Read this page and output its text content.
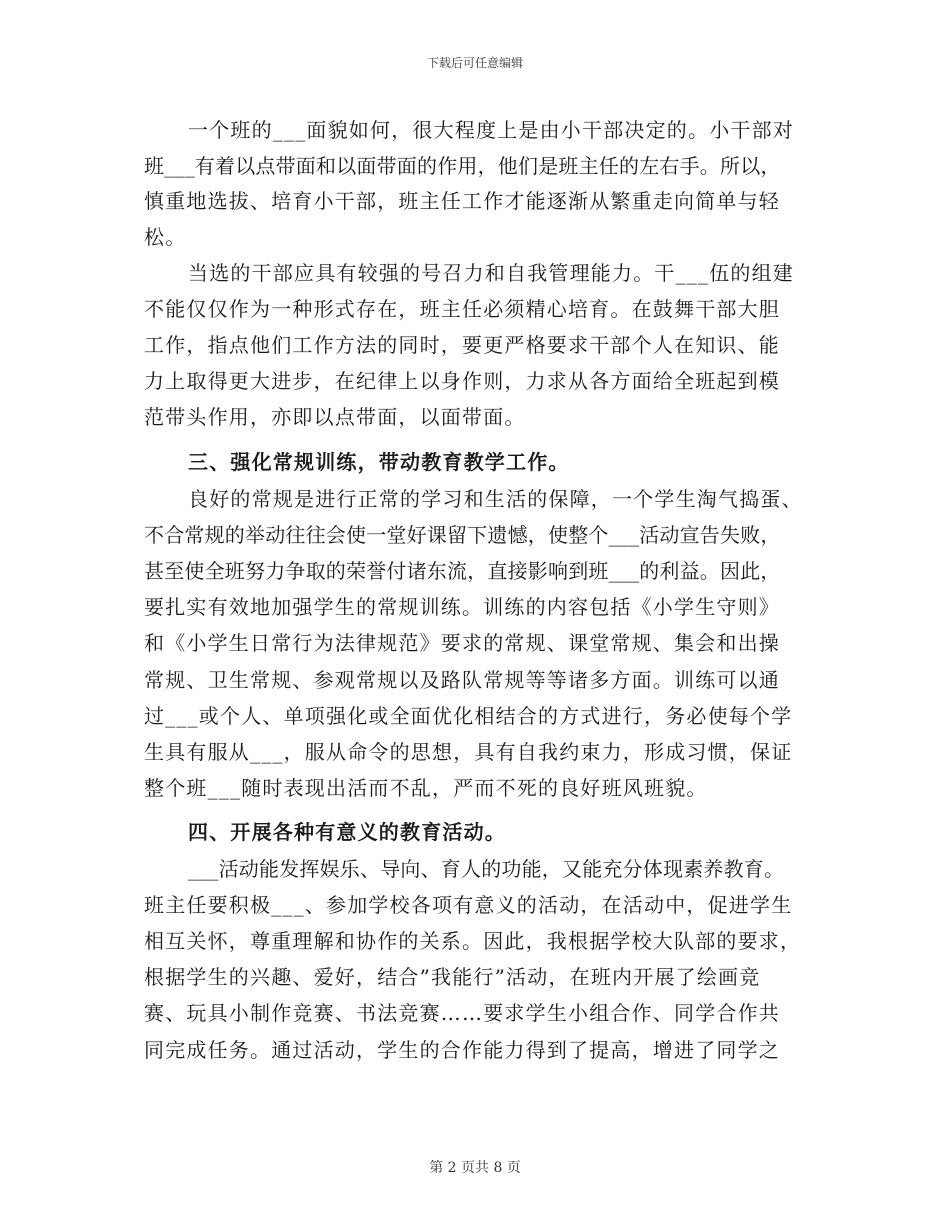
下载后可任意编辑
一个班的___面貌如何，很大程度上是由小干部决定的。小干部对
班___有着以点带面和以面带面的作用，他们是班主任的左右手。所以，
慎重地选拔、培育小干部，班主任工作才能逐渐从繁重走向简单与轻
松。
当选的干部应具有较强的号召力和自我管理能力。干___伍的组建
不能仅仅作为一种形式存在，班主任必须精心培育。在鼓舞干部大胆
工作，指点他们工作方法的同时，要更严格要求干部个人在知识、能
力上取得更大进步，在纪律上以身作则，力求从各方面给全班起到模
范带头作用，亦即以点带面，以面带面。
三、强化常规训练，带动教育教学工作。
良好的常规是进行正常的学习和生活的保障，一个学生淘气捣蛋、
不合常规的举动往往会使一堂好课留下遗憾，使整个___活动宣告失败，
甚至使全班努力争取的荣誉付诸东流，直接影响到班___的利益。因此，
要扎实有效地加强学生的常规训练。训练的内容包括《小学生守则》
和《小学生日常行为法律规范》要求的常规、课堂常规、集会和出操
常规、卫生常规、参观常规以及路队常规等等诸多方面。训练可以通
过___或个人、单项强化或全面优化相结合的方式进行，务必使每个学
生具有服从___，服从命令的思想，具有自我约束力，形成习惯，保证
整个班___随时表现出活而不乱，严而不死的良好班风班貌。
四、开展各种有意义的教育活动。
___活动能发挥娱乐、导向、育人的功能，又能充分体现素养教育。
班主任要积极___、参加学校各项有意义的活动，在活动中，促进学生
相互关怀，尊重理解和协作的关系。因此，我根据学校大队部的要求，
根据学生的兴趣、爱好，结合”我能行”活动，在班内开展了绘画竞
赛、玩具小制作竞赛、书法竞赛……要求学生小组合作、同学合作共
同完成任务。通过活动，学生的合作能力得到了提高，增进了同学之
第 2 页共 8 页
